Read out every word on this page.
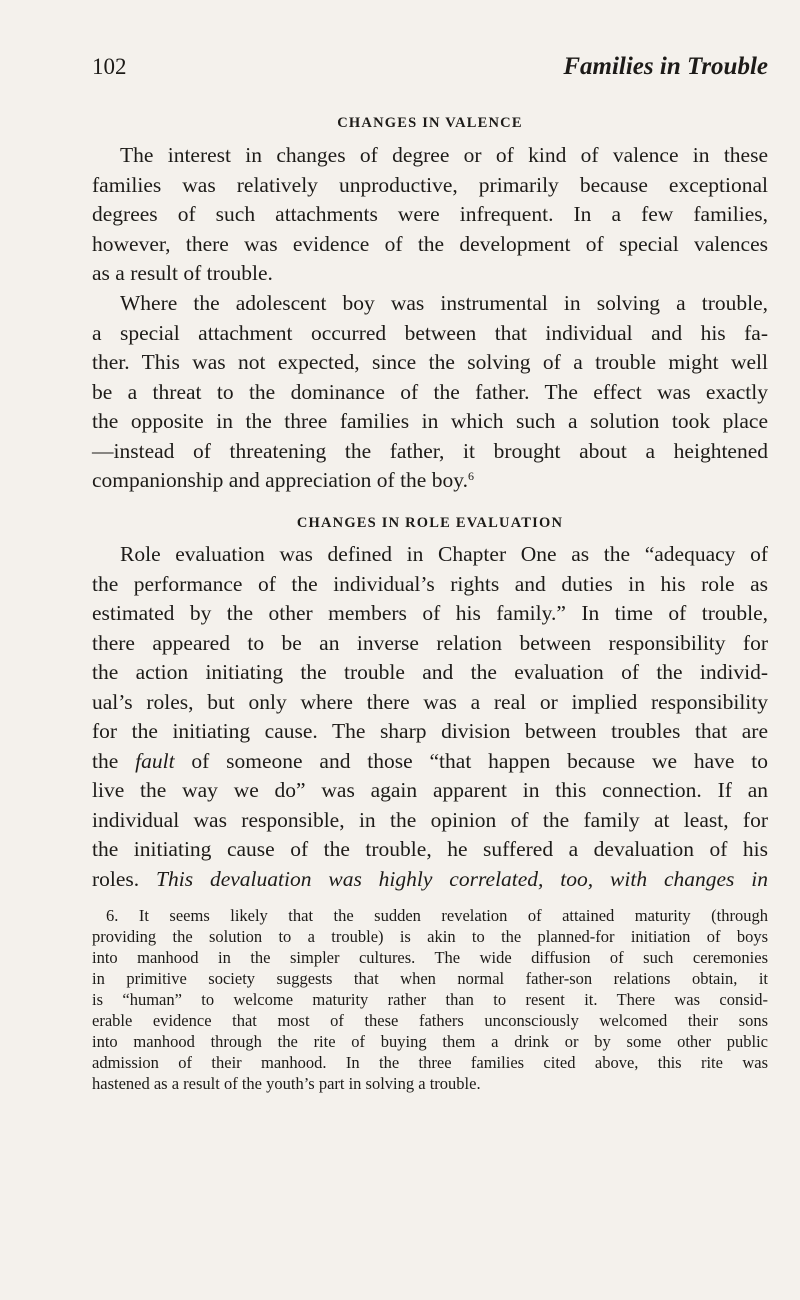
102	Families in Trouble
CHANGES IN VALENCE
The interest in changes of degree or of kind of valence in these
families was relatively unproductive, primarily because exceptional
degrees of such attachments were infrequent. In a few families,
however, there was evidence of the development of special valences
as a result of trouble.
Where the adolescent boy was instrumental in solving a trouble,
a special attachment occurred between that individual and his fa-
ther. This was not expected, since the solving of a trouble might well
be a threat to the dominance of the father. The effect was exactly
the opposite in the three families in which such a solution took place
—instead of threatening the father, it brought about a heightened
companionship and appreciation of the boy.$^6$
CHANGES IN ROLE EVALUATION
Role evaluation was defined in Chapter One as the “adequacy of
the performance of the individual’s rights and duties in his role as
estimated by the other members of his family.” In time of trouble,
there appeared to be an inverse relation between responsibility for
the action initiating the trouble and the evaluation of the individ-
ual’s roles, but only where there was a real or implied responsibility
for the initiating cause. The sharp division between troubles that are
the fault of someone and those “that happen because we have to
live the way we do” was again apparent in this connection. If an
individual was responsible, in the opinion of the family at least, for
the initiating cause of the trouble, he suffered a devaluation of his
roles. This devaluation was highly correlated, too, with changes in
6. It seems likely that the sudden revelation of attained maturity (through
providing the solution to a trouble) is akin to the planned-for initiation of boys
into manhood in the simpler cultures. The wide diffusion of such ceremonies
in primitive society suggests that when normal father-son relations obtain, it
is “human” to welcome maturity rather than to resent it. There was consid-
erable evidence that most of these fathers unconsciously welcomed their sons
into manhood through the rite of buying them a drink or by some other public
admission of their manhood. In the three families cited above, this rite was
hastened as a result of the youth’s part in solving a trouble.
